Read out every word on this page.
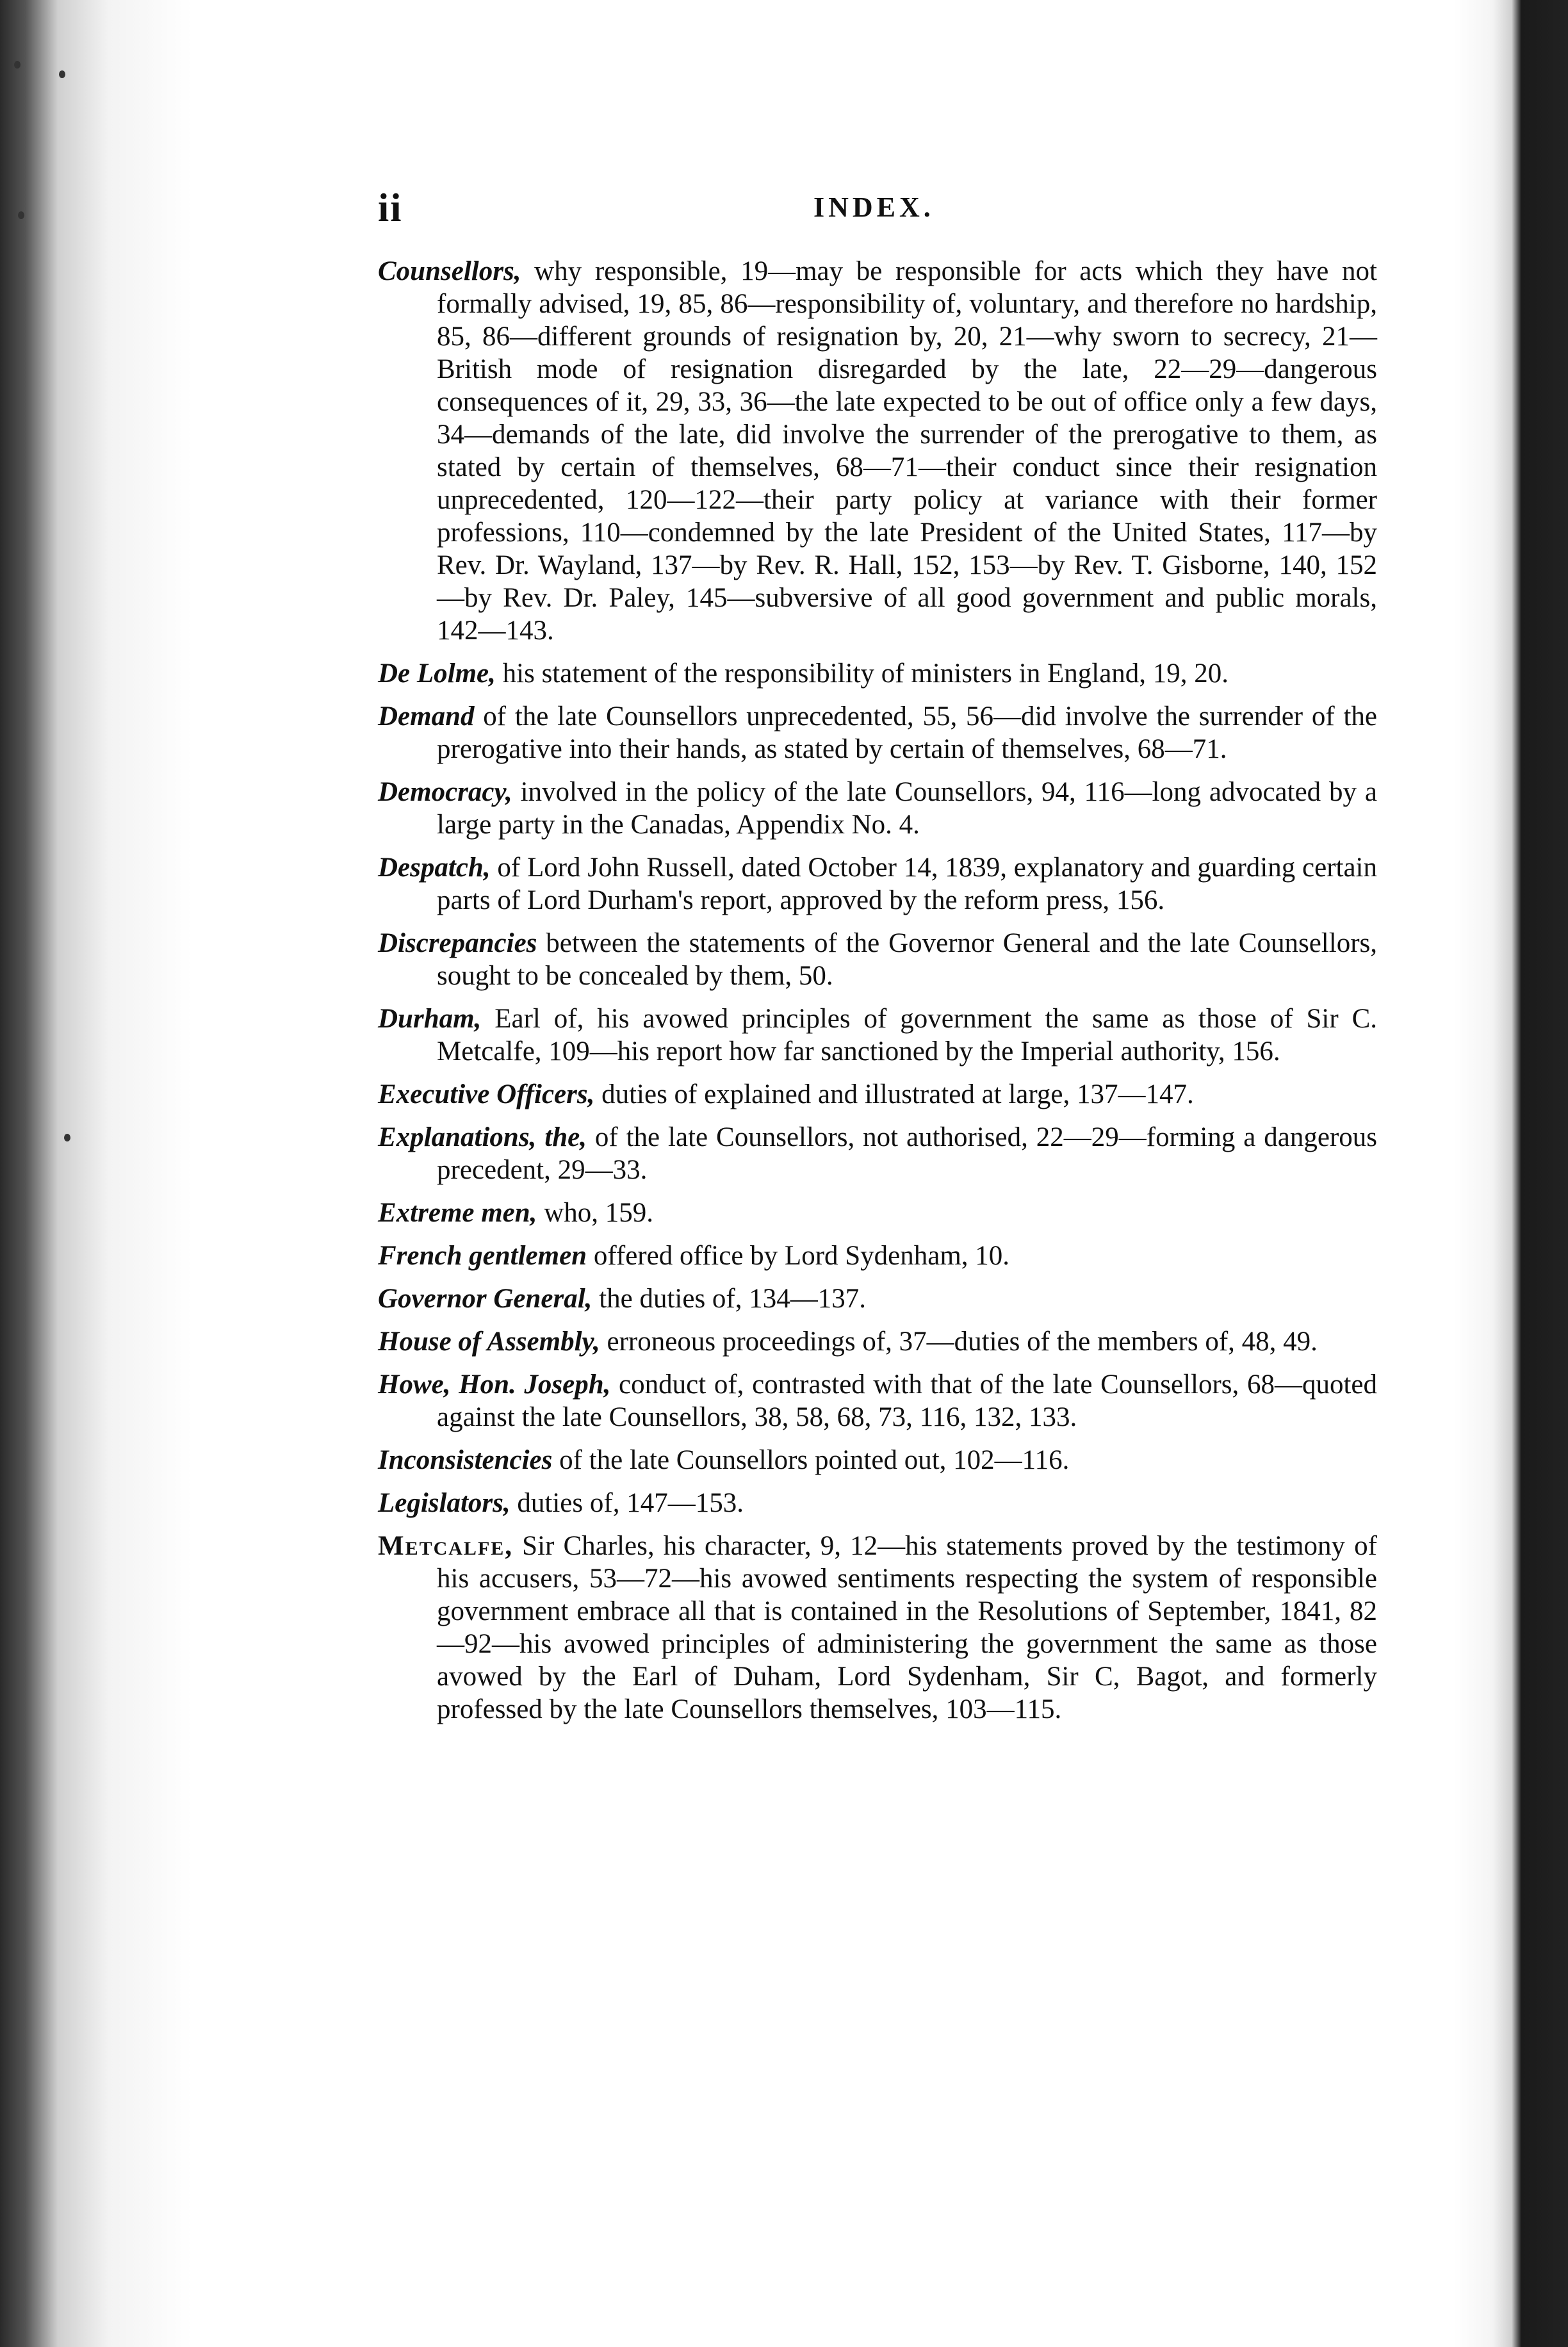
ii	INDEX.

Counsellors, why responsible, 19—may be responsible for acts which they have not formally advised, 19, 85, 86—responsibility of, voluntary, and therefore no hardship, 85, 86—different grounds of resignation by, 20, 21—why sworn to secrecy, 21—British mode of resignation disregarded by the late, 22—29—dangerous consequences of it, 29, 33, 36—the late expected to be out of office only a few days, 34—demands of the late, did involve the surrender of the prerogative to them, as stated by certain of themselves, 68—71—their conduct since their resignation unprecedented, 120—122—their party policy at variance with their former professions, 110—condemned by the late President of the United States, 117—by Rev. Dr. Wayland, 137—by Rev. R. Hall, 152, 153—by Rev. T. Gisborne, 140, 152—by Rev. Dr. Paley, 145—subversive of all good government and public morals, 142—143.

De Lolme, his statement of the responsibility of ministers in England, 19, 20.

Demand of the late Counsellors unprecedented, 55, 56—did involve the surrender of the prerogative into their hands, as stated by certain of themselves, 68—71.

Democracy, involved in the policy of the late Counsellors, 94, 116—long advocated by a large party in the Canadas, Appendix No. 4.

Despatch, of Lord John Russell, dated October 14, 1839, explanatory and guarding certain parts of Lord Durham's report, approved by the reform press, 156.

Discrepancies between the statements of the Governor General and the late Counsellors, sought to be concealed by them, 50.

Durham, Earl of, his avowed principles of government the same as those of Sir C. Metcalfe, 109—his report how far sanctioned by the Imperial authority, 156.

Executive Officers, duties of explained and illustrated at large, 137—147.

Explanations, the, of the late Counsellors, not authorised, 22—29—forming a dangerous precedent, 29—33.

Extreme men, who, 159.

French gentlemen offered office by Lord Sydenham, 10.

Governor General, the duties of, 134—137.

House of Assembly, erroneous proceedings of, 37—duties of the members of, 48, 49.

Howe, Hon. Joseph, conduct of, contrasted with that of the late Counsellors, 68—quoted against the late Counsellors, 38, 58, 68, 73, 116, 132, 133.

Inconsistencies of the late Counsellors pointed out, 102—116.

Legislators, duties of, 147—153.

Metcalfe, Sir Charles, his character, 9, 12—his statements proved by the testimony of his accusers, 53—72—his avowed sentiments respecting the system of responsible government embrace all that is contained in the Resolutions of September, 1841, 82—92—his avowed principles of administering the government the same as those avowed by the Earl of Duham, Lord Sydenham, Sir C, Bagot, and formerly professed by the late Counsellors themselves, 103—115.
